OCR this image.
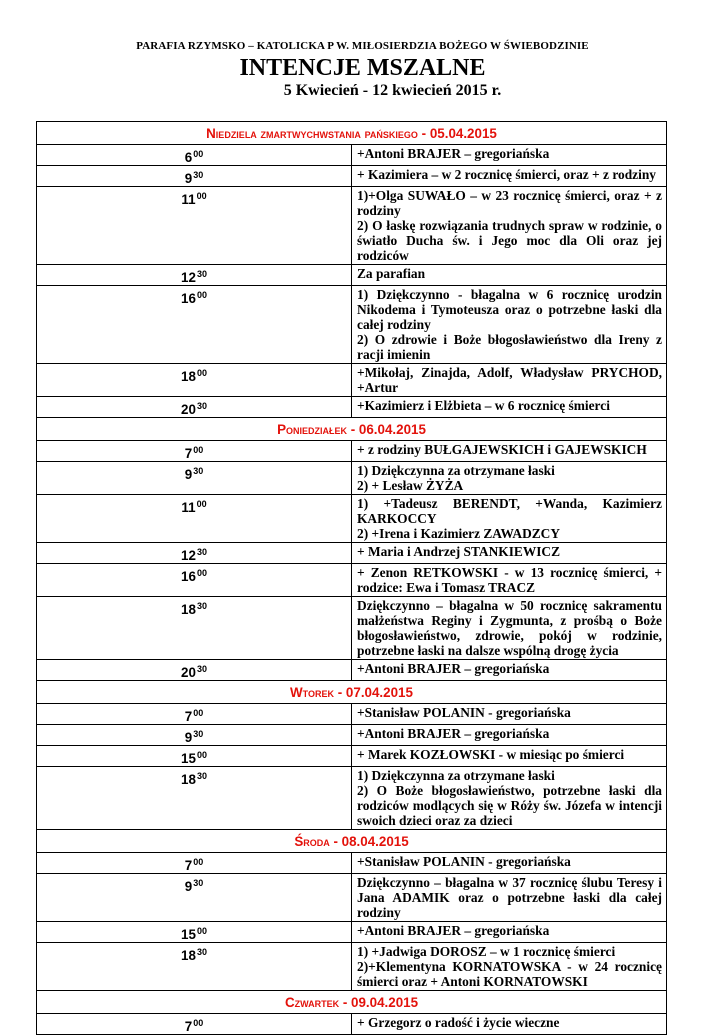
PARAFIA RZYMSKO – KATOLICKA P W. MIŁOSIERDZIA BOŻEGO W ŚWIEBODZINIE
INTENCJE MSZALNE
5 Kwiecień - 12 kwiecień 2015 r.
Niedziela zmartwychwstania pańskiego - 05.04.2015	
$6^{00}$	+Antoni BRAJER – gregoriańska
$9^{30}$	+ Kazimiera – w 2 rocznicę śmierci, oraz + z rodziny
$11^{00}$	1)+Olga SUWAŁO – w 23 rocznicę śmierci, oraz + z rodziny
2) O łaskę rozwiązania trudnych spraw w rodzinie, o światło Ducha św. i Jego moc dla Oli oraz jej rodziców

$12^{30}$	Za parafian
$16^{00}$	1) Dziękczynno - błagalna w 6 rocznicę urodzin Nikodema i Tymoteusza oraz o potrzebne łaski dla całej rodziny
2) O zdrowie i Boże błogosławieństwo dla Ireny z racji imienin

$18^{00}$	+Mikołaj, Zinajda, Adolf, Władysław PRYCHOD, +Artur
$20^{30}$	+Kazimierz i Elżbieta – w 6 rocznicę śmierci
Poniedziałek - 06.04.2015	
$7^{00}$	+ z rodziny BUŁGAJEWSKICH i GAJEWSKICH
$9^{30}$	1) Dziękczynna za otrzymane łaski
2) + Lesław ŻYŻA

$11^{00}$	1) +Tadeusz BERENDT, +Wanda, Kazimierz KARKOCCY
2) +Irena i Kazimierz ZAWADZCY

$12^{30}$	+ Maria i Andrzej STANKIEWICZ
$16^{00}$	+ Zenon RETKOWSKI - w 13 rocznicę śmierci, + rodzice: Ewa i Tomasz TRACZ
$18^{30}$	Dziękczynno – błagalna w 50 rocznicę sakramentu małżeństwa Reginy i Zygmunta, z prośbą o Boże błogosławieństwo, zdrowie, pokój w rodzinie, potrzebne łaski na dalsze wspólną drogę życia
$20^{30}$	+Antoni BRAJER – gregoriańska
Wtorek - 07.04.2015	
$7^{00}$	+Stanisław POLANIN - gregoriańska
$9^{30}$	+Antoni BRAJER – gregoriańska
$15^{00}$	+ Marek KOZŁOWSKI - w miesiąc po śmierci
$18^{30}$	1) Dziękczynna za otrzymane łaski
2) O Boże błogosławieństwo, potrzebne łaski dla rodziców modlących się w Róży św. Józefa w intencji swoich dzieci oraz za dzieci

Środa - 08.04.2015	
$7^{00}$	+Stanisław POLANIN - gregoriańska
$9^{30}$	Dziękczynno – błagalna w 37 rocznicę ślubu Teresy i Jana ADAMIK oraz o potrzebne łaski dla całej rodziny
$15^{00}$	+Antoni BRAJER – gregoriańska
$18^{30}$	1) +Jadwiga DOROSZ – w 1 rocznicę śmierci
2)+Klementyna KORNATOWSKA - w 24 rocznicę śmierci oraz + Antoni KORNATOWSKI

Czwartek - 09.04.2015	
$7^{00}$	+ Grzegorz o radość i życie wieczne
